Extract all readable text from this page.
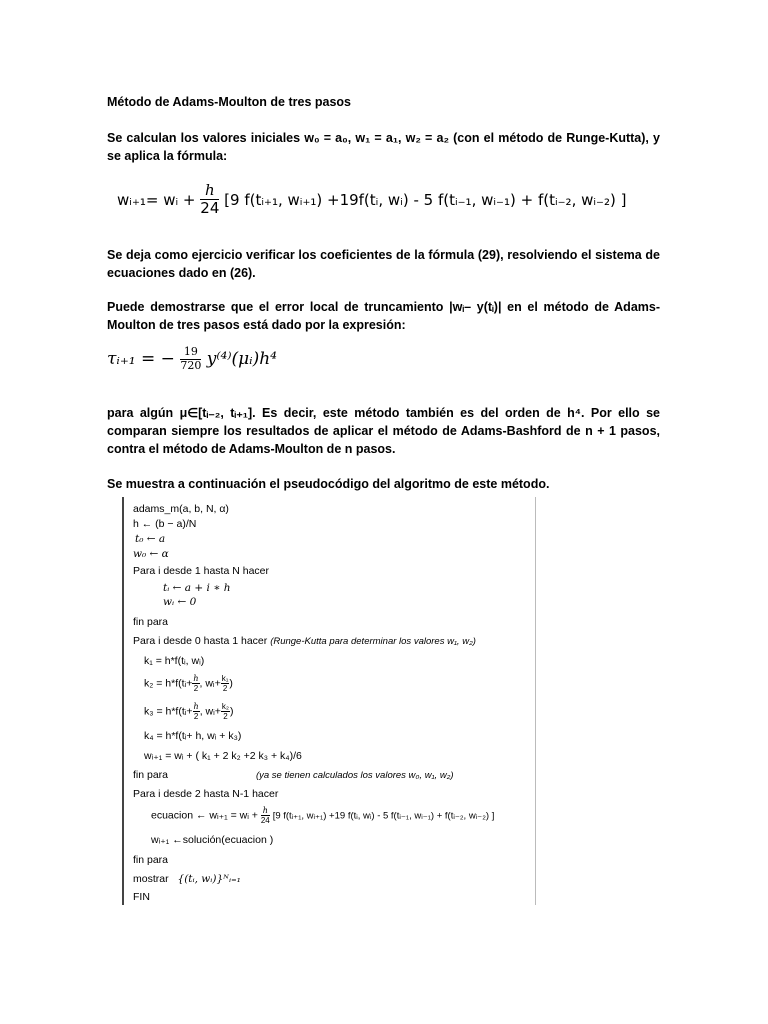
Método de Adams-Moulton de tres pasos

Se calculan los valores iniciales w₀ = a₀, w₁ = a₁, w₂ = a₂ (con el método de Runge-Kutta), y se aplica la fórmula:

wᵢ₊₁= wᵢ + $\frac{h}{24} [9$ f(tᵢ₊₁, wᵢ₊₁) +19f(tᵢ, wᵢ) - 5 f(tᵢ₋₁, wᵢ₋₁) + f(tᵢ₋₂, wᵢ₋₂) ]

Se deja como ejercicio verificar los coeficientes de la fórmula (29), resolviendo el sistema de ecuaciones dado en (26).

Puede demostrarse que el error local de truncamiento |wᵢ– y(tᵢ)| en el método de Adams-Moulton de tres pasos está dado por la expresión:

τᵢ₊₁ = − $\frac{19}{720}$ y⁽⁴⁾(μᵢ)h⁴

para algún μ∈[tᵢ₋₂, tᵢ₊₁]. Es decir, este método también es del orden de h⁴. Por ello se comparan siempre los resultados de aplicar el método de Adams-Bashford de n + 1 pasos, contra el método de Adams-Moulton de n pasos.

Se muestra a continuación el pseudocódigo del algoritmo de este método.

adams_m(a, b, N, α)
h ← (b − a)/N
t₀ ← a
w₀ ← α
Para i desde 1 hasta N hacer
tᵢ ← a + i ∗ h
wᵢ ← 0
fin para
Para i desde 0 hasta 1 hacer (Runge-Kutta para determinar los valores w₁, w₂)
k₁ = h*f(tᵢ, wᵢ)
k₂ = h*f(tᵢ+ $\frac{h}{2}$ , wᵢ+ $\frac{\text{k₁}}{2}$ )
k₃ = h*f(tᵢ+ $\frac{h}{2}$ , wᵢ+ $\frac{\text{k₂}}{2}$ )
k₄ = h*f(tᵢ+ h, wᵢ + k₃)
wᵢ₊₁ = wᵢ + ( k₁ + 2 k₂ +2 k₃ + k₄)/6
fin para	(ya se tienen calculados los valores w₀, w₁, w₂)
Para i desde 2 hasta N-1 hacer
ecuacion ← wᵢ₊₁ = wᵢ + $\frac{h}{24} [9$ f(tᵢ₊₁, wᵢ₊₁) +19 f(tᵢ, wᵢ) - 5 f(tᵢ₋₁, wᵢ₋₁) + f(tᵢ₋₂, wᵢ₋₂) ]
wᵢ₊₁ ←solución(ecuacion )
fin para
mostrar {(tᵢ, wᵢ)}ᴺᵢ₌₁
FIN
